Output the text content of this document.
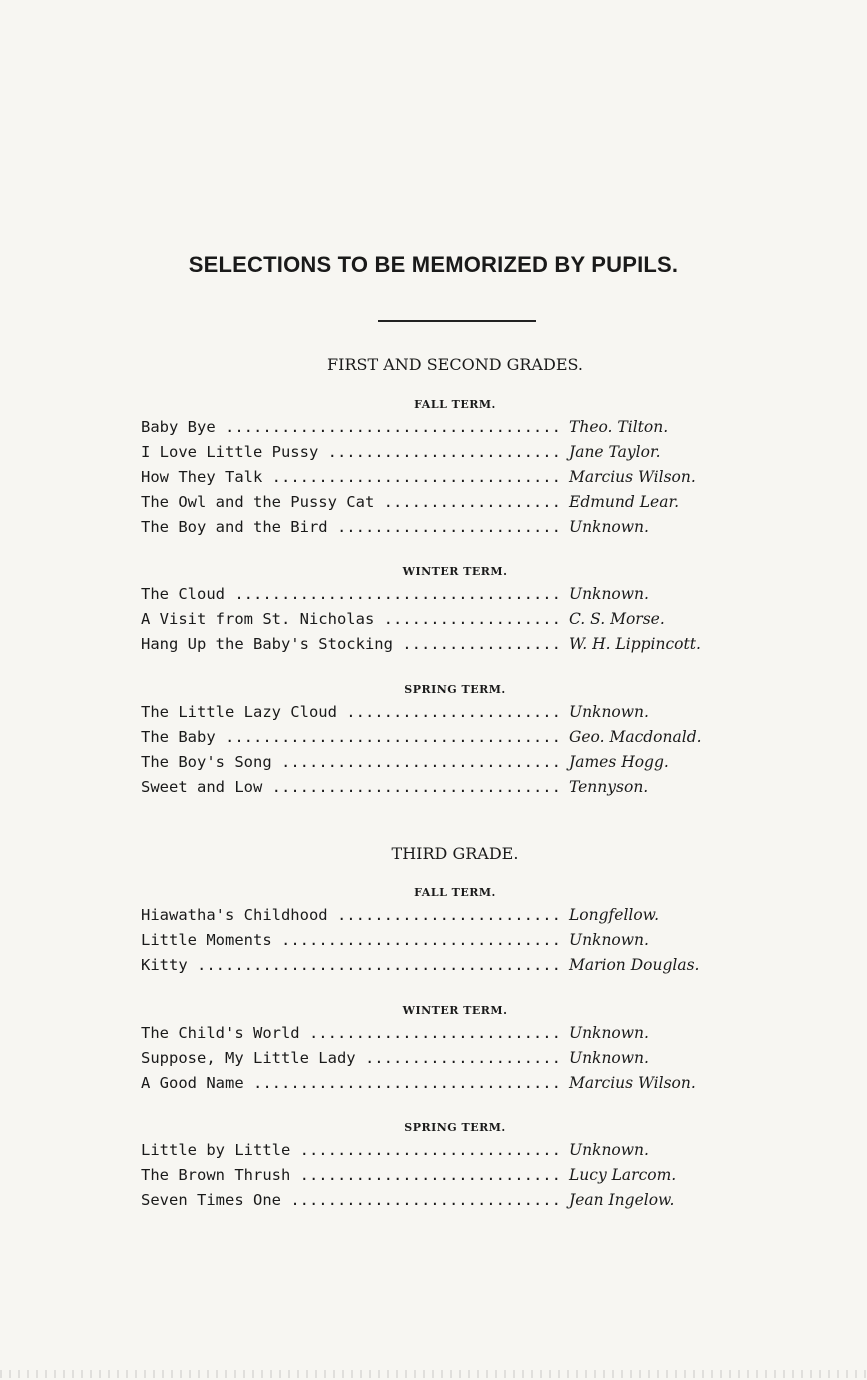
SELECTIONS TO BE MEMORIZED BY PUPILS.
FIRST AND SECOND GRADES.
FALL TERM.
Baby Bye .....	Theo. Tilton.
I Love Little Pussy .....	Jane Taylor.
How They Talk .....	Marcius Wilson.
The Owl and the Pussy Cat .....	Edmund Lear.
The Boy and the Bird .....	Unknown.
WINTER TERM.
The Cloud .....	Unknown.
A Visit from St. Nicholas .....	C. S. Morse.
Hang Up the Baby's Stocking .....	W. H. Lippincott.
SPRING TERM.
The Little Lazy Cloud .....	Unknown.
The Baby .....	Geo. Macdonald.
The Boy's Song .....	James Hogg.
Sweet and Low .....	Tennyson.
THIRD GRADE.
FALL TERM.
Hiawatha's Childhood .....	Longfellow.
Little Moments .....	Unknown.
Kitty .....	Marion Douglas.
WINTER TERM.
The Child's World .....	Unknown.
Suppose, My Little Lady .....	Unknown.
A Good Name .....	Marcius Wilson.
SPRING TERM.
Little by Little .....	Unknown.
The Brown Thrush .....	Lucy Larcom.
Seven Times One .....	Jean Ingelow.
